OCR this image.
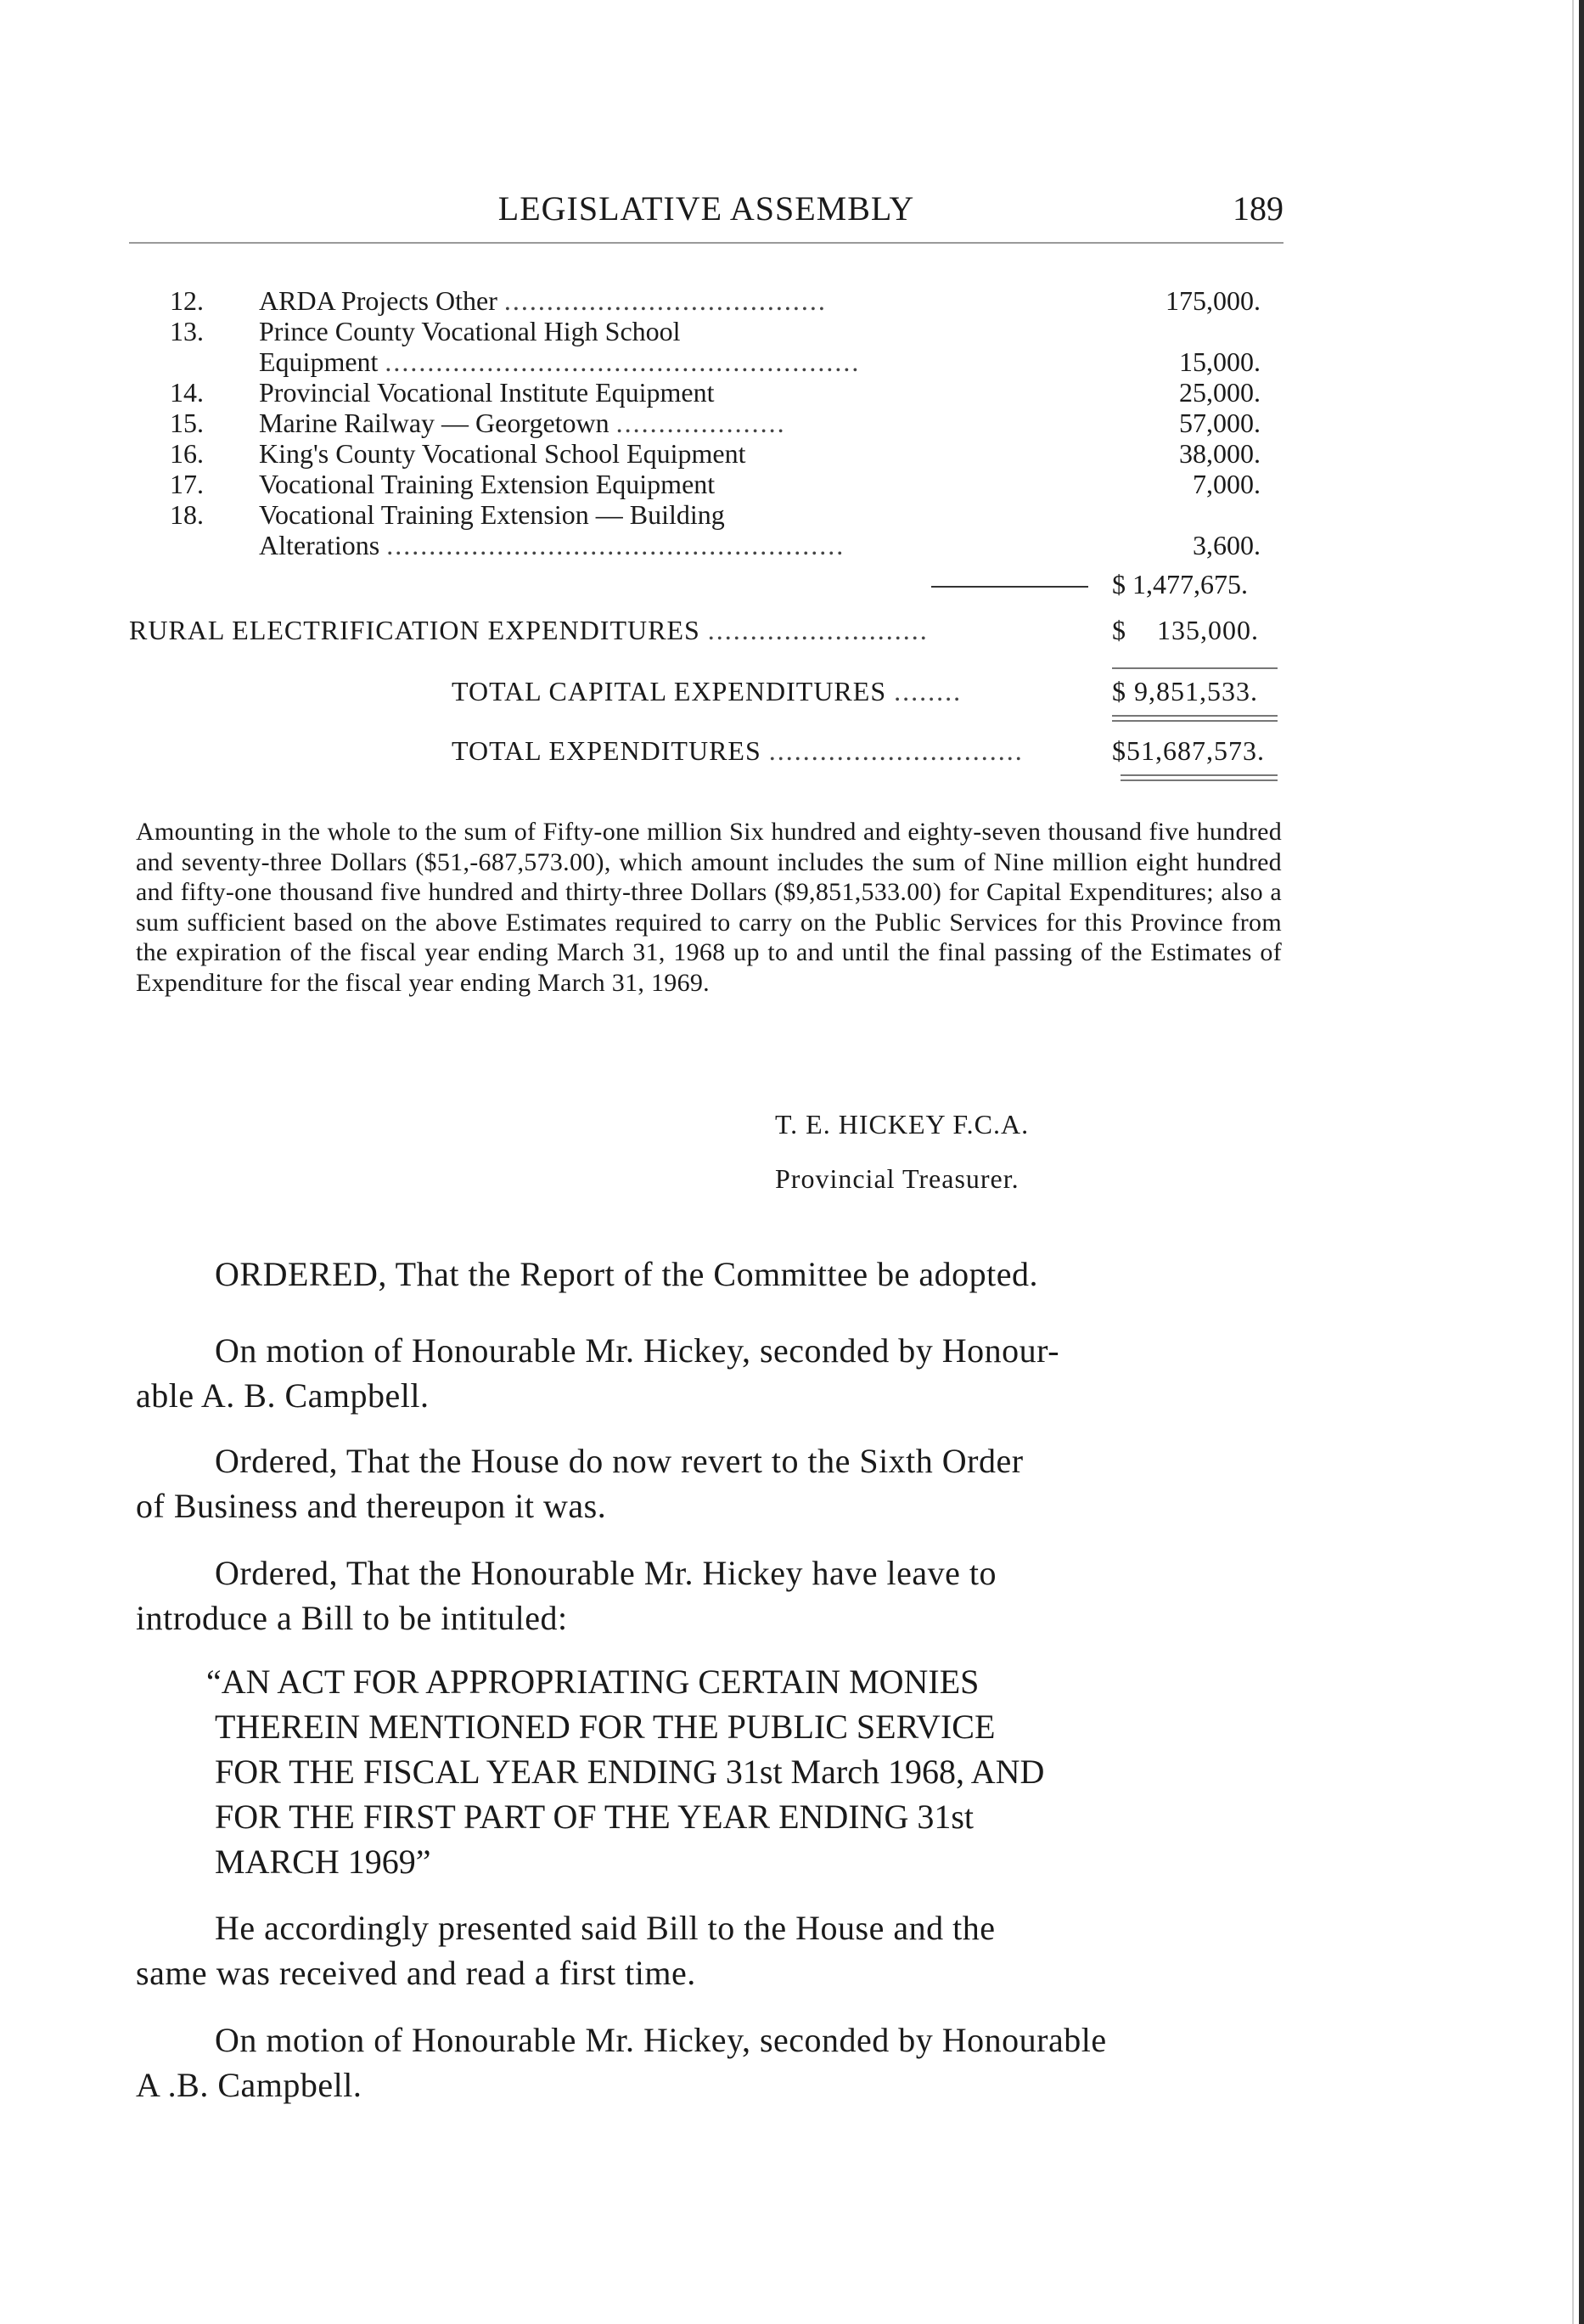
LEGISLATIVE ASSEMBLY	189
12.	ARDA Projects Other ......................................	175,000.
13.	Prince County Vocational High School
Equipment ........................................................	15,000.
14.	Provincial Vocational Institute Equipment	25,000.
15.	Marine Railway — Georgetown ....................	57,000.
16.	King's County Vocational School Equipment	38,000.
17.	Vocational Training Extension Equipment	7,000.
18.	Vocational Training Extension — Building
Alterations ......................................................	3,600.
$ 1,477,675.
RURAL ELECTRIFICATION EXPENDITURES ..........................	$    135,000.
TOTAL CAPITAL EXPENDITURES ........	$ 9,851,533.
TOTAL EXPENDITURES ..............................	$51,687,573.
Amounting in the whole to the sum of Fifty-one million Six hundred and eighty-seven thousand five hundred and seventy-three Dollars ($51,-687,573.00), which amount includes the sum of Nine million eight hundred and fifty-one thousand five hundred and thirty-three Dollars ($9,851,533.00) for Capital Expenditures; also a sum sufficient based on the above Estimates required to carry on the Public Services for this Province from the expiration of the fiscal year ending March 31, 1968 up to and until the final passing of the Estimates of Expenditure for the fiscal year ending March 31, 1969.
T. E. HICKEY F.C.A.
Provincial Treasurer.
ORDERED, That the Report of the Committee be adopted.
On motion of Honourable Mr. Hickey, seconded by Honour-
able A. B. Campbell.
Ordered, That the House do now revert to the Sixth Order
of Business and thereupon it was.
Ordered, That the Honourable Mr. Hickey have leave to
introduce a Bill to be intituled:
“AN ACT FOR APPROPRIATING CERTAIN MONIES
THEREIN MENTIONED FOR THE PUBLIC SERVICE
FOR THE FISCAL YEAR ENDING 31st March 1968, AND
FOR THE FIRST PART OF THE YEAR ENDING 31st
MARCH 1969”
He accordingly presented said Bill to the House and the
same was received and read a first time.
On motion of Honourable Mr. Hickey, seconded by Honourable
A .B. Campbell.
